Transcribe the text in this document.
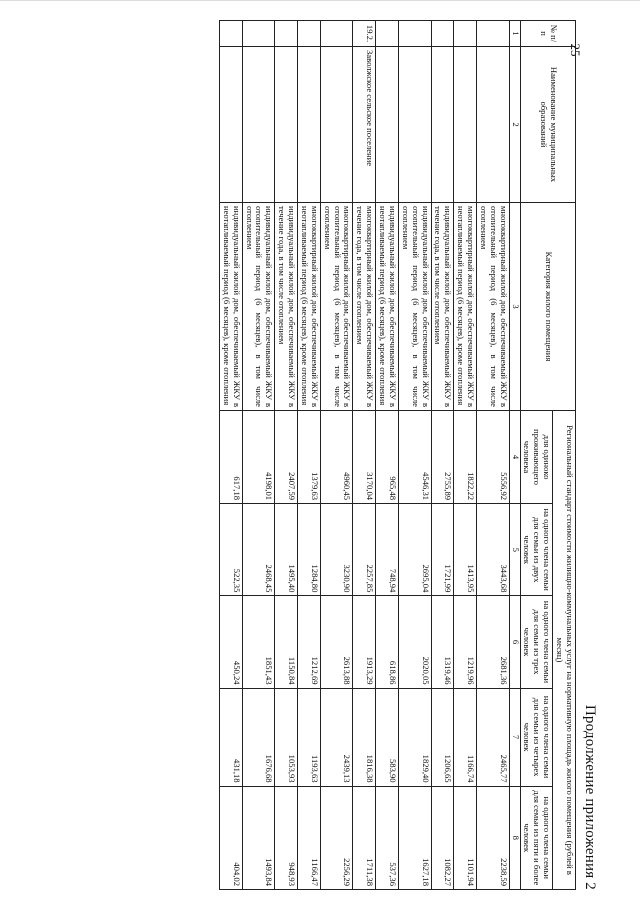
25
Продолжение приложения 2
№ п/п	Наименование муниципальных образований	Категория жилого помещения	Региональный стандарт стоимости жилищно-коммунальных услуг на нормативную площадь жилого помещения (рублей в месяц)				
			для одиноко проживающего человека	на одного члена семьи для семьи из двух человек	на одного члена семьи для семьи из трех человек	на одного члена семьи для семьи из четырех человек	на одного члена семьи для семьи из пяти и более человек
1	2	3	4	5	6	7	8
		многоквартирный жилой дом, обеспечиваемый ЖКУ в отопительный период (6 месяцев), в том числе отоплением	5556,92	3443,68	2681,36	2465,77	2238,59
		многоквартирный жилой дом, обеспечиваемый ЖКУ в неотапливаемый период (6 месяцев), кроме отопления	1822,22	1413,95	1219,96	1166,74	1101,94
		индивидуальный жилой дом, обеспечиваемый ЖКУ в течение года, в том числе отоплением	2755,89	1721,99	1319,46	1206,65	1082,27
		индивидуальный жилой дом, обеспечиваемый ЖКУ в отопительный период (6 месяцев), в том числе отоплением	4546,31	2695,04	2020,05	1829,40	1627,18
		индивидуальный жилой дом, обеспечиваемый ЖКУ в неотапливаемый период (6 месяцев), кроме отопления	965,48	748,94	618,86	583,90	537,36
19.2.	Заволжское сельское поселение	многоквартирный жилой дом, обеспечиваемый ЖКУ в течение года, в том числе отоплением	3170,04	2257,85	1913,29	1816,38	1711,38
		многоквартирный жилой дом, обеспечиваемый ЖКУ в отопительный период (6 месяцев), в том числе отоплением	4960,45	3230,90	2613,88	2439,13	2256,29
		многоквартирный жилой дом, обеспечиваемый ЖКУ в неотапливаемый период (6 месяцев), кроме отопления	1379,63	1284,80	1212,69	1193,63	1166,47
		индивидуальный жилой дом, обеспечиваемый ЖКУ в течение года, в том числе отоплением	2407,59	1495,40	1150,84	1053,93	948,93
		индивидуальный жилой дом, обеспечиваемый ЖКУ в отопительный период (6 месяцев), в том числе отоплением	4198,01	2468,45	1851,43	1676,68	1493,84
		индивидуальный жилой дом, обеспечиваемый ЖКУ в неотапливаемый период (6 месяцев), кроме отопления	617,18	522,35	450,24	431,18	404,02
